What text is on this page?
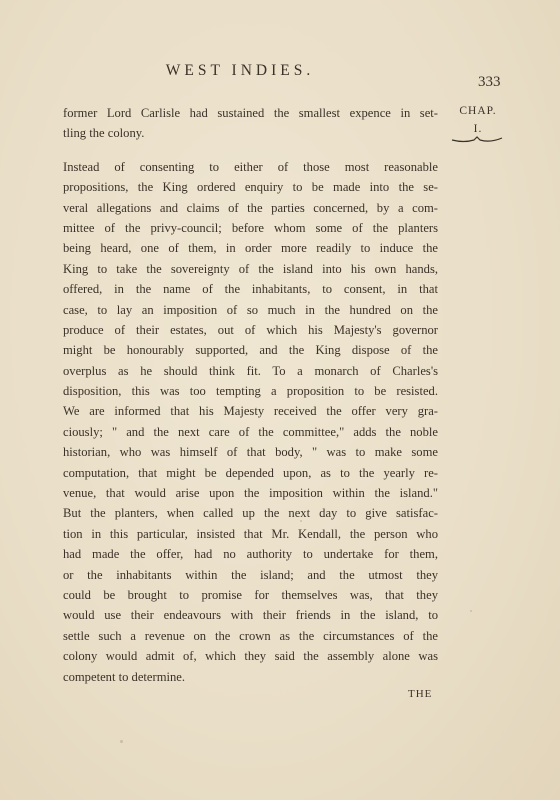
WEST INDIES.
333
CHAP.
I.
former Lord Carlisle had sustained the smallest expence in set-
tling the colony.
Instead of consenting to either of those most reasonable
propositions, the King ordered enquiry to be made into the se-
veral allegations and claims of the parties concerned, by a com-
mittee of the privy-council; before whom some of the planters
being heard, one of them, in order more readily to induce the
King to take the sovereignty of the island into his own hands,
offered, in the name of the inhabitants, to consent, in that
case, to lay an imposition of so much in the hundred on the
produce of their estates, out of which his Majesty's governor
might be honourably supported, and the King dispose of the
overplus as he should think fit. To a monarch of Charles's
disposition, this was too tempting a proposition to be resisted.
We are informed that his Majesty received the offer very gra-
ciously; " and the next care of the committee," adds the noble
historian, who was himself of that body, " was to make some
computation, that might be depended upon, as to the yearly re-
venue, that would arise upon the imposition within the island."
But the planters, when called up the next day to give satisfac-
tion in this particular, insisted that Mr. Kendall, the person who
had made the offer, had no authority to undertake for them,
or the inhabitants within the island; and the utmost they
could be brought to promise for themselves was, that they
would use their endeavours with their friends in the island, to
settle such a revenue on the crown as the circumstances of the
colony would admit of, which they said the assembly alone was
competent to determine.
THE
